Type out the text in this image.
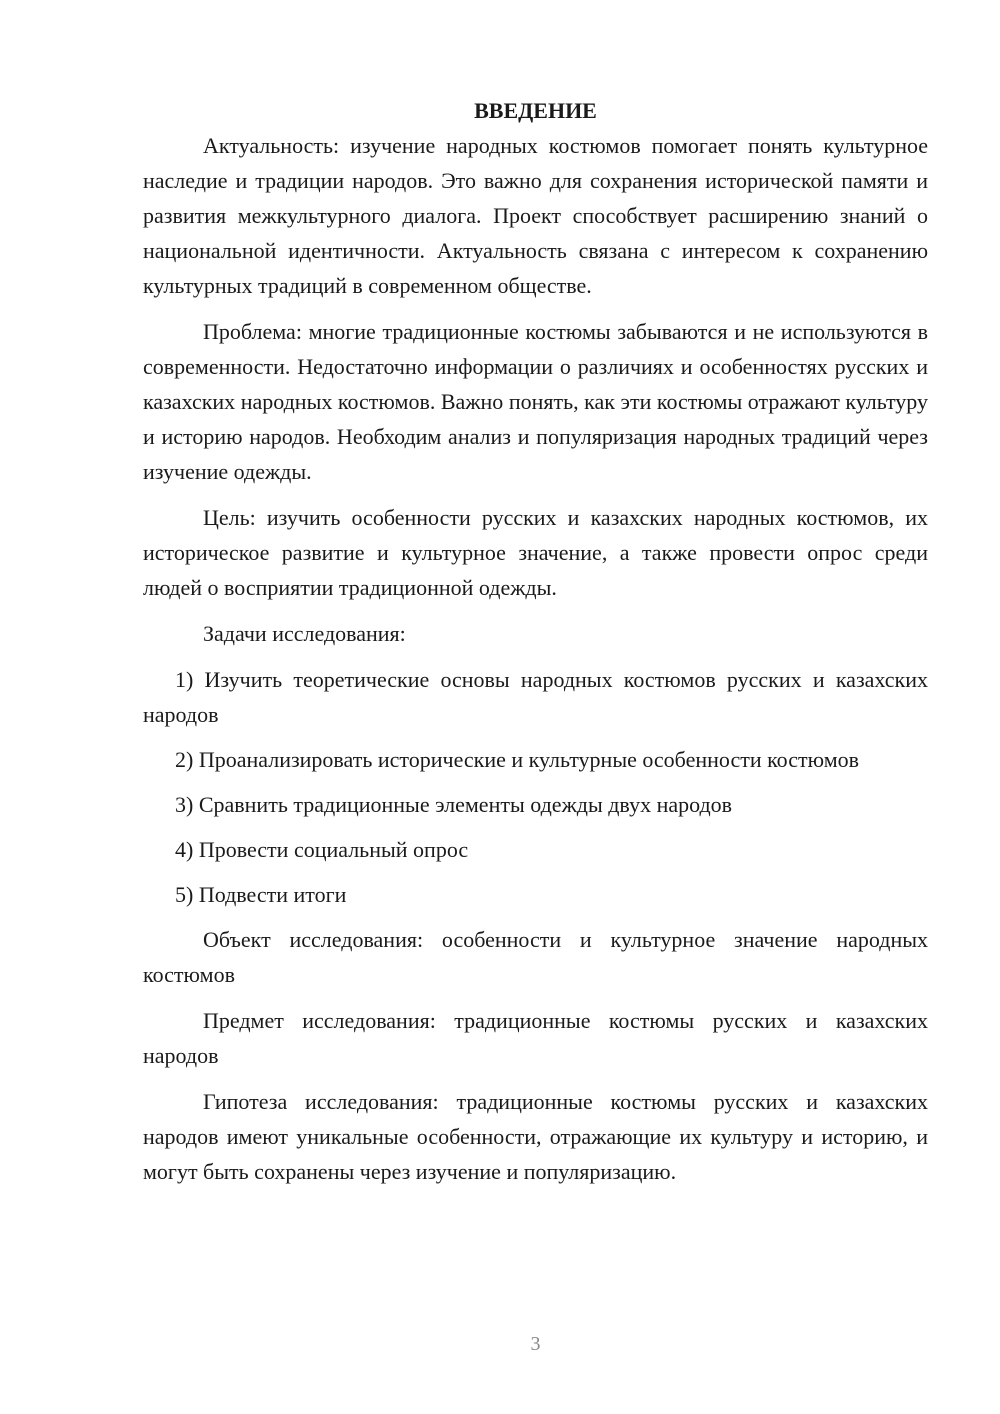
ВВЕДЕНИЕ

Актуальность: изучение народных костюмов помогает понять культурное наследие и традиции народов. Это важно для сохранения исторической памяти и развития межкультурного диалога. Проект способствует расширению знаний о национальной идентичности. Актуальность связана с интересом к сохранению культурных традиций в современном обществе.

Проблема: многие традиционные костюмы забываются и не используются в современности. Недостаточно информации о различиях и особенностях русских и казахских народных костюмов. Важно понять, как эти костюмы отражают культуру и историю народов. Необходим анализ и популяризация народных традиций через изучение одежды.

Цель: изучить особенности русских и казахских народных костюмов, их историческое развитие и культурное значение, а также провести опрос среди людей о восприятии традиционной одежды.

Задачи исследования:

1) Изучить теоретические основы народных костюмов русских и казахских народов

2) Проанализировать исторические и культурные особенности костюмов

3) Сравнить традиционные элементы одежды двух народов

4) Провести социальный опрос

5) Подвести итоги

Объект исследования: особенности и культурное значение народных костюмов

Предмет исследования: традиционные костюмы русских и казахских народов

Гипотеза исследования: традиционные костюмы русских и казахских народов имеют уникальные особенности, отражающие их культуру и историю, и могут быть сохранены через изучение и популяризацию.

3
